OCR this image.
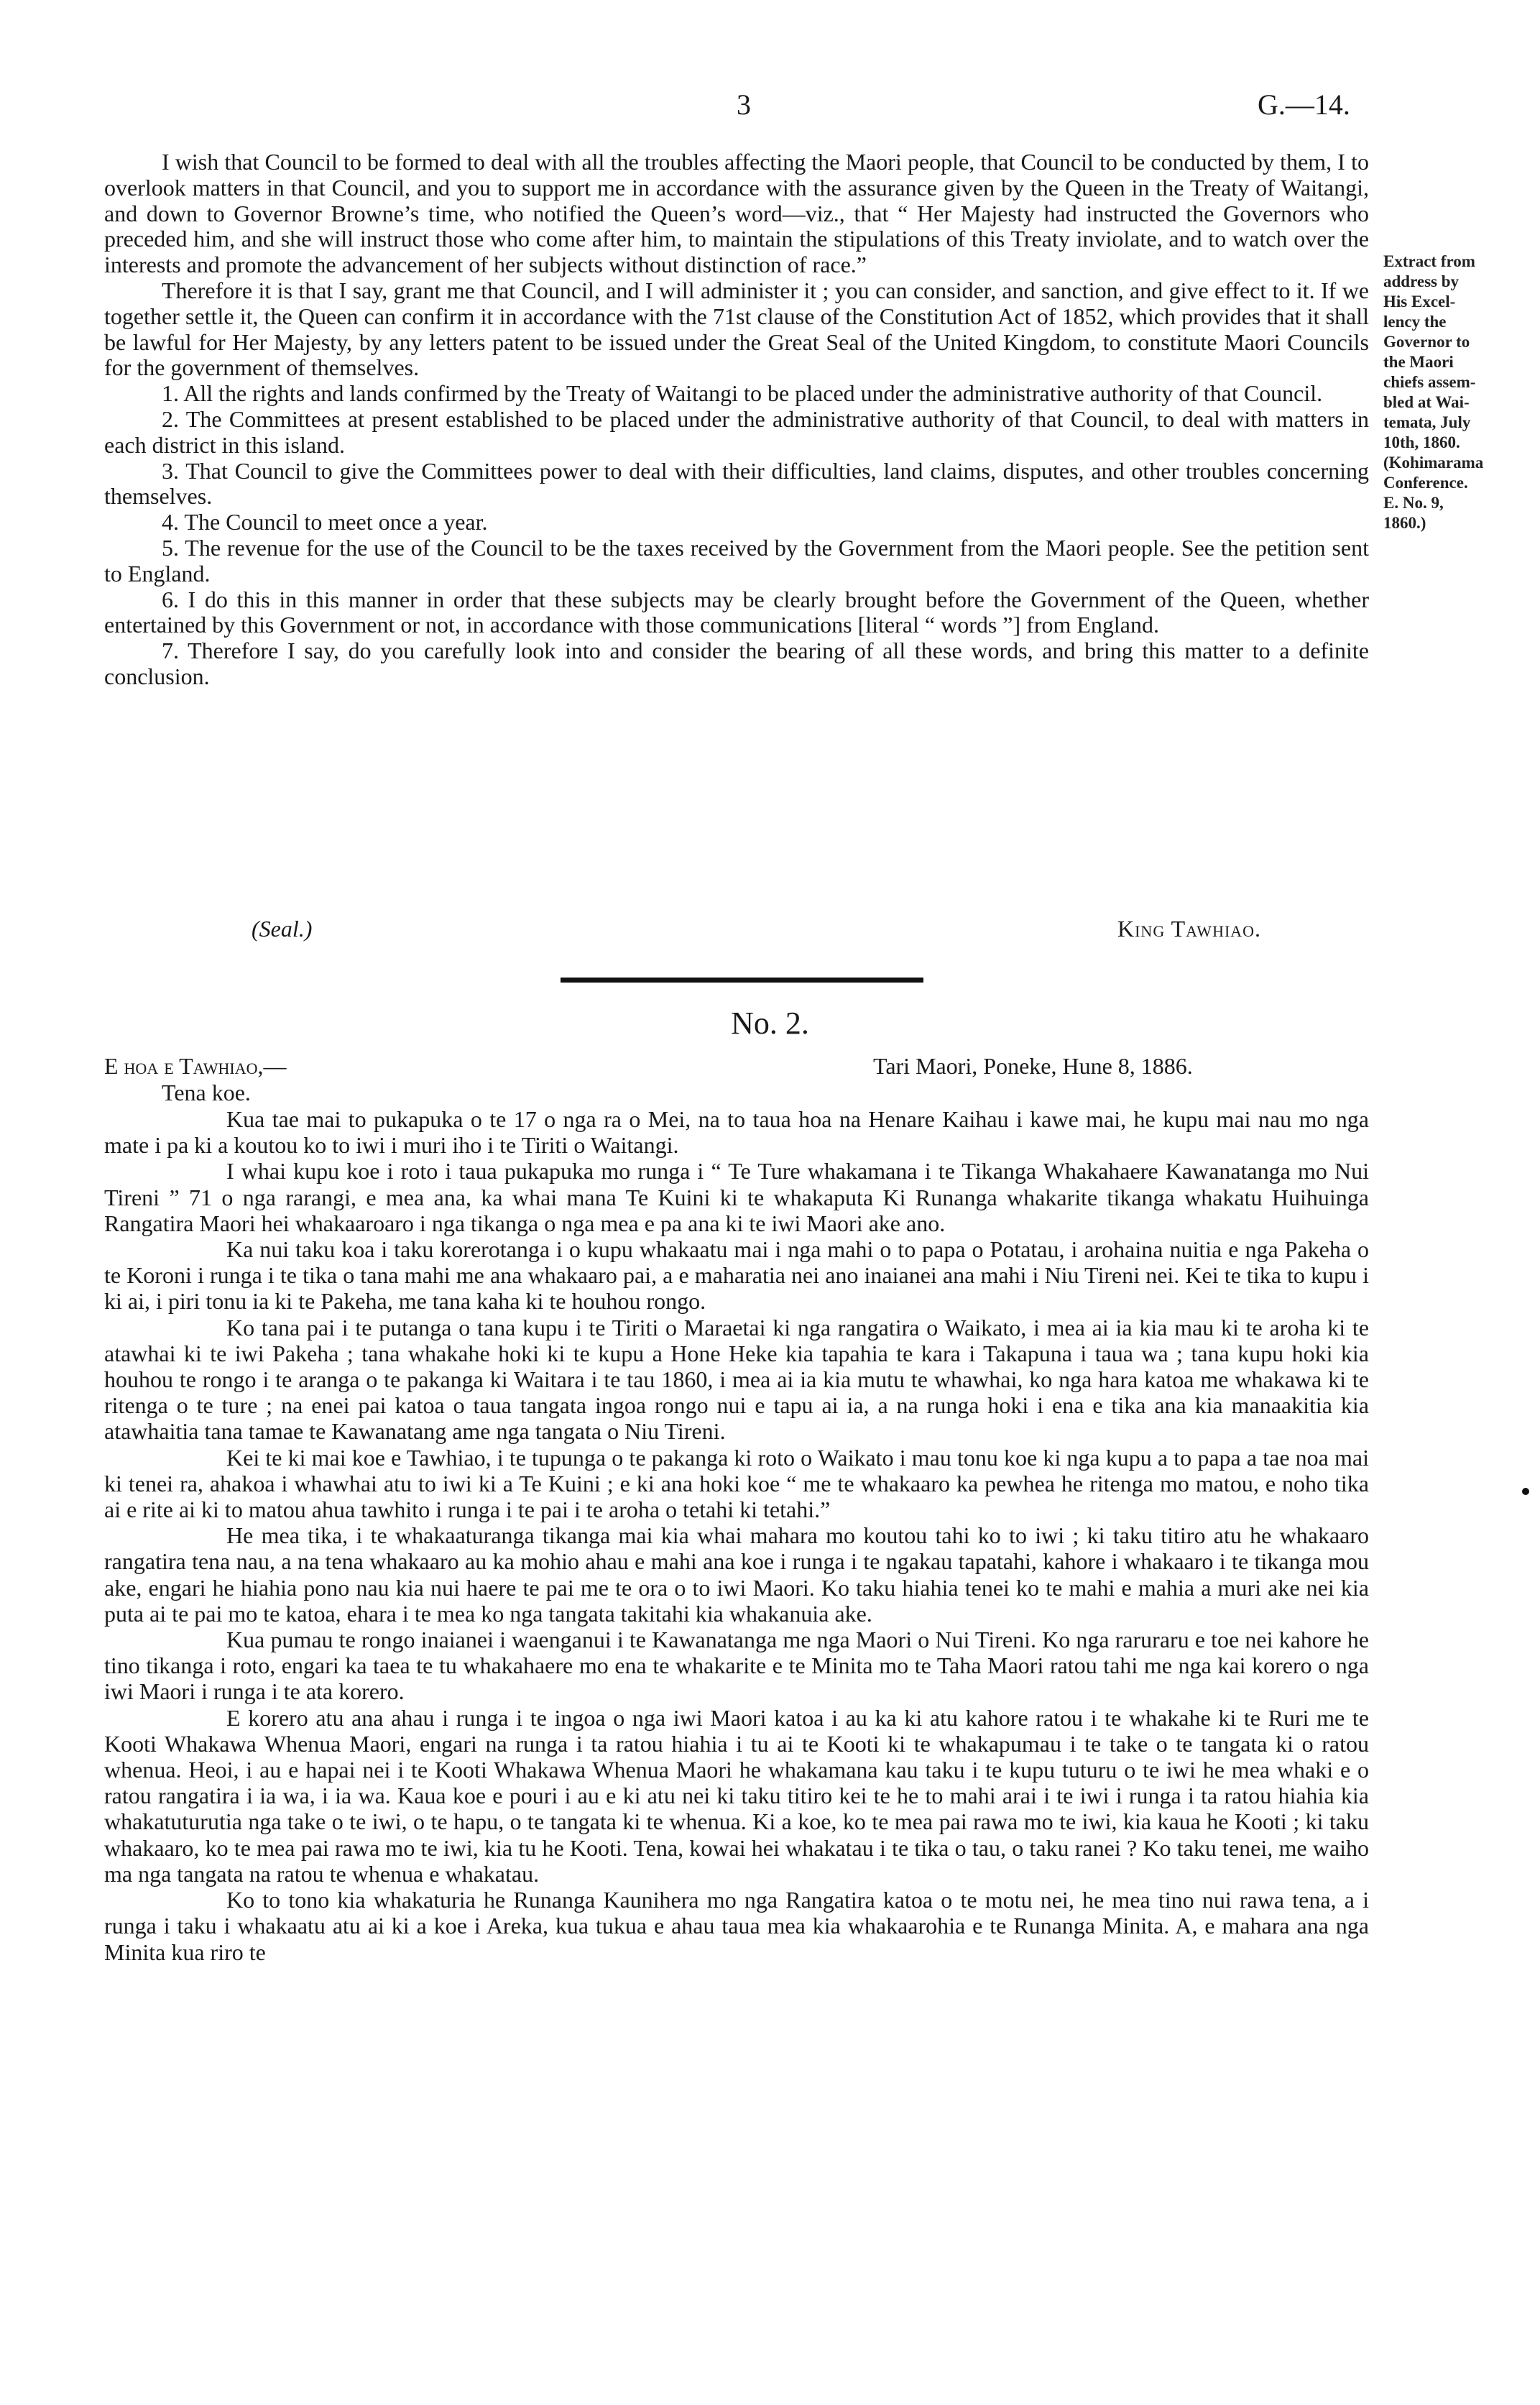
3	G.—14.

I wish that Council to be formed to deal with all the troubles affecting the Maori people, that Council to be conducted by them, I to overlook matters in that Council, and you to support me in accordance with the assurance given by the Queen in the Treaty of Waitangi, and down to Governor Browne’s time, who notified the Queen’s word—viz., that “ Her Majesty had instructed the Governors who preceded him, and she will instruct those who come after him, to maintain the stipulations of this Treaty inviolate, and to watch over the interests and promote the advancement of her subjects without distinction of race.”

Therefore it is that I say, grant me that Council, and I will administer it ; you can consider, and sanction, and give effect to it. If we together settle it, the Queen can confirm it in accordance with the 71st clause of the Constitution Act of 1852, which provides that it shall be lawful for Her Majesty, by any letters patent to be issued under the Great Seal of the United Kingdom, to constitute Maori Councils for the government of themselves.

1. All the rights and lands confirmed by the Treaty of Waitangi to be placed under the administrative authority of that Council.

2. The Committees at present established to be placed under the administrative authority of that Council, to deal with matters in each district in this island.

3. That Council to give the Committees power to deal with their difficulties, land claims, disputes, and other troubles concerning themselves.

4. The Council to meet once a year.

5. The revenue for the use of the Council to be the taxes received by the Government from the Maori people. See the petition sent to England.

6. I do this in this manner in order that these subjects may be clearly brought before the Government of the Queen, whether entertained by this Government or not, in accordance with those communications [literal “ words ”] from England.

7. Therefore I say, do you carefully look into and consider the bearing of all these words, and bring this matter to a definite conclusion.

Extract from
address by
His Excel-
lency the
Governor to
the Maori
chiefs assem-
bled at Wai-
temata, July
10th, 1860.
(Kohimarama
Conference.
E. No. 9,
1860.)
(Seal.)	King Tawhiao.
No. 2.
E hoa e Tawhiao,—	Tari Maori, Poneke, Hune 8, 1886.
Tena koe.

Kua tae mai to pukapuka o te 17 o nga ra o Mei, na to taua hoa na Henare Kaihau i kawe mai, he kupu mai nau mo nga mate i pa ki a koutou ko to iwi i muri iho i te Tiriti o Waitangi.

I whai kupu koe i roto i taua pukapuka mo runga i “ Te Ture whakamana i te Tikanga Whakahaere Kawanatanga mo Nui Tireni ” 71 o nga rarangi, e mea ana, ka whai mana Te Kuini ki te whakaputa Ki Runanga whakarite tikanga whakatu Huihuinga Rangatira Maori hei whakaaroaro i nga tikanga o nga mea e pa ana ki te iwi Maori ake ano.

Ka nui taku koa i taku korerotanga i o kupu whakaatu mai i nga mahi o to papa o Potatau, i arohaina nuitia e nga Pakeha o te Koroni i runga i te tika o tana mahi me ana whakaaro pai, a e maharatia nei ano inaianei ana mahi i Niu Tireni nei. Kei te tika to kupu i ki ai, i piri tonu ia ki te Pakeha, me tana kaha ki te houhou rongo.

Ko tana pai i te putanga o tana kupu i te Tiriti o Maraetai ki nga rangatira o Waikato, i mea ai ia kia mau ki te aroha ki te atawhai ki te iwi Pakeha ; tana whakahe hoki ki te kupu a Hone Heke kia tapahia te kara i Takapuna i taua wa ; tana kupu hoki kia houhou te rongo i te aranga o te pakanga ki Waitara i te tau 1860, i mea ai ia kia mutu te whawhai, ko nga hara katoa me whakawa ki te ritenga o te ture ; na enei pai katoa o taua tangata ingoa rongo nui e tapu ai ia, a na runga hoki i ena e tika ana kia manaakitia kia atawhaitia tana tamae te Kawanatang ame nga tangata o Niu Tireni.

Kei te ki mai koe e Tawhiao, i te tupunga o te pakanga ki roto o Waikato i mau tonu koe ki nga kupu a to papa a tae noa mai ki tenei ra, ahakoa i whawhai atu to iwi ki a Te Kuini ; e ki ana hoki koe “ me te whakaaro ka pewhea he ritenga mo matou, e noho tika ai e rite ai ki to matou ahua tawhito i runga i te pai i te aroha o tetahi ki tetahi.”

He mea tika, i te whakaaturanga tikanga mai kia whai mahara mo koutou tahi ko to iwi ; ki taku titiro atu he whakaaro rangatira tena nau, a na tena whakaaro au ka mohio ahau e mahi ana koe i runga i te ngakau tapatahi, kahore i whakaaro i te tikanga mou ake, engari he hiahia pono nau kia nui haere te pai me te ora o to iwi Maori. Ko taku hiahia tenei ko te mahi e mahia a muri ake nei kia puta ai te pai mo te katoa, ehara i te mea ko nga tangata takitahi kia whakanuia ake.

Kua pumau te rongo inaianei i waenganui i te Kawanatanga me nga Maori o Nui Tireni. Ko nga raruraru e toe nei kahore he tino tikanga i roto, engari ka taea te tu whakahaere mo ena te whakarite e te Minita mo te Taha Maori ratou tahi me nga kai korero o nga iwi Maori i runga i te ata korero.

E korero atu ana ahau i runga i te ingoa o nga iwi Maori katoa i au ka ki atu kahore ratou i te whakahe ki te Ruri me te Kooti Whakawa Whenua Maori, engari na runga i ta ratou hiahia i tu ai te Kooti ki te whakapumau i te take o te tangata ki o ratou whenua. Heoi, i au e hapai nei i te Kooti Whakawa Whenua Maori he whakamana kau taku i te kupu tuturu o te iwi he mea whaki e o ratou rangatira i ia wa, i ia wa. Kaua koe e pouri i au e ki atu nei ki taku titiro kei te he to mahi arai i te iwi i runga i ta ratou hiahia kia whakatuturutia nga take o te iwi, o te hapu, o te tangata ki te whenua. Ki a koe, ko te mea pai rawa mo te iwi, kia kaua he Kooti ; ki taku whakaaro, ko te mea pai rawa mo te iwi, kia tu he Kooti. Tena, kowai hei whakatau i te tika o tau, o taku ranei ? Ko taku tenei, me waiho ma nga tangata na ratou te whenua e whakatau.

Ko to tono kia whakaturia he Runanga Kaunihera mo nga Rangatira katoa o te motu nei, he mea tino nui rawa tena, a i runga i taku i whakaatu atu ai ki a koe i Areka, kua tukua e ahau taua mea kia whakaarohia e te Runanga Minita. A, e mahara ana nga Minita kua riro te
